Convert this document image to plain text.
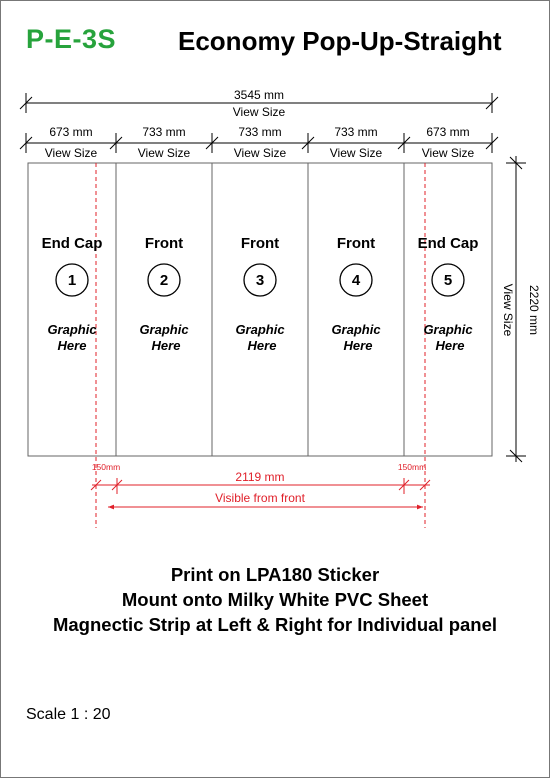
P-E-3S Economy Pop-Up-Straight
3545 mm
View Size
673 mm	733 mm	733 mm	733 mm	673 mm
View Size	View Size	View Size	View Size	View Size
End Cap
1
Graphic
Here
Front
2
Graphic
Here
Front
3
Graphic
Here
Front
4
Graphic
Here
End Cap
5
Graphic
Here
2220 mm
View Size
150mm	150mm
2119 mm
Visible from front
Print on LPA180 Sticker
Mount onto Milky White PVC Sheet
Magnectic Strip at Left & Right for Individual panel
Scale 1 : 20
